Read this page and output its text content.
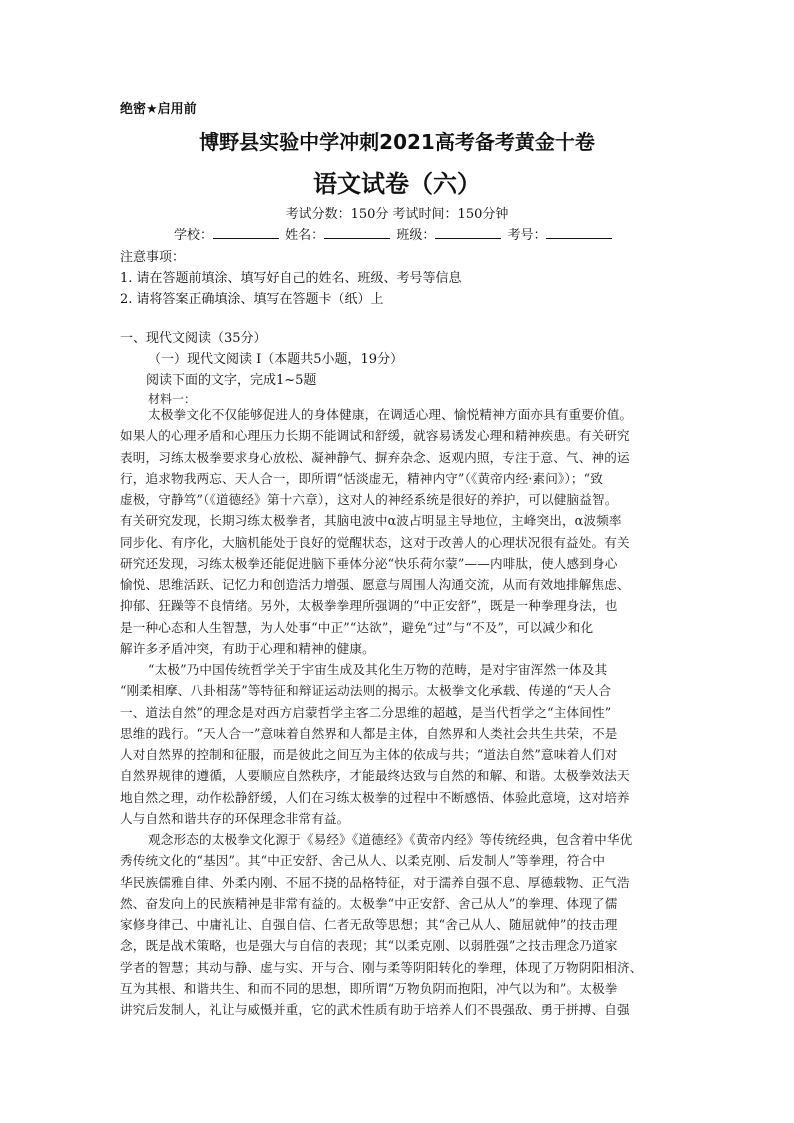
绝密★启用前
博野县实验中学冲刺2021高考备考黄金十卷
语文试卷（六）
考试分数：150分 考试时间：150分钟
学校：	姓名：	班级：	考号：
注意事项：
1. 请在答题前填涂、填写好自己的姓名、班级、考号等信息
2. 请将答案正确填涂、填写在答题卡（纸）上
一、现代文阅读（35分）
（一）现代文阅读 I（本题共5小题，19分）
阅读下面的文字，完成1~5题
材料一：
太极拳文化不仅能够促进人的身体健康，在调适心理、愉悦精神方面亦具有重要价值。
如果人的心理矛盾和心理压力长期不能调试和舒缓，就容易诱发心理和精神疾患。有关研究
表明，习练太极拳要求身心放松、凝神静气、摒弃杂念、返观内照，专注于意、气、神的运
行，追求物我两忘、天人合一，即所谓“恬淡虚无，精神内守”（《黄帝内经·素问》）；“致
虚极，守静笃”（《道德经》第十六章），这对人的神经系统是很好的养护，可以健脑益智。
有关研究发现，长期习练太极拳者，其脑电波中α波占明显主导地位，主峰突出，α波频率
同步化、有序化，大脑机能处于良好的觉醒状态，这对于改善人的心理状况很有益处。有关
研究还发现，习练太极拳还能促进脑下垂体分泌“快乐荷尔蒙”——内啡肽，使人感到身心
愉悦、思维活跃、记忆力和创造活力增强、愿意与周围人沟通交流，从而有效地排解焦虑、
抑郁、狂躁等不良情绪。另外，太极拳拳理所强调的“中正安舒”，既是一种拳理身法，也
是一种心态和人生智慧，为人处事“中正”“达欲”，避免“过”与“不及”，可以减少和化
解许多矛盾冲突，有助于心理和精神的健康。
“太极”乃中国传统哲学关于宇宙生成及其化生万物的范畴，是对宇宙浑然一体及其
“刚柔相摩、八卦相荡”等特征和辩证运动法则的揭示。太极拳文化承载、传递的“天人合
一、道法自然”的理念是对西方启蒙哲学主客二分思维的超越，是当代哲学之“主体间性”
思维的践行。“天人合一”意味着自然界和人都是主体，自然界和人类社会共生共荣，不是
人对自然界的控制和征服，而是彼此之间互为主体的依成与共；“道法自然”意味着人们对
自然界规律的遵循，人要顺应自然秩序，才能最终达致与自然的和解、和谐。太极拳效法天
地自然之理，动作松静舒缓，人们在习练太极拳的过程中不断感悟、体验此意境，这对培养
人与自然和谐共存的环保理念非常有益。
观念形态的太极拳文化源于《易经》《道德经》《黄帝内经》等传统经典，包含着中华优
秀传统文化的“基因”。其“中正安舒、舍己从人、以柔克刚、后发制人”等拳理，符合中
华民族儒雅自律、外柔内刚、不屈不挠的品格特征，对于濡养自强不息、厚德载物、正气浩
然、奋发向上的民族精神是非常有益的。太极拳“中正安舒、舍己从人”的拳理、体现了儒
家修身律己、中庸礼让、自强自信、仁者无敌等思想；其“舍己从人、随屈就伸”的技击理
念，既是战术策略，也是强大与自信的表现；其“以柔克刚、以弱胜强”之技击理念乃道家
学者的智慧；其动与静、虚与实、开与合、刚与柔等阴阳转化的拳理，体现了万物阴阳相济、
互为其根、和谐共生、和而不同的思想，即所谓“万物负阴而抱阳，冲气以为和”。太极拳
讲究后发制人，礼让与威慑并重，它的武术性质有助于培养人们不畏强敌、勇于拼搏、自强
